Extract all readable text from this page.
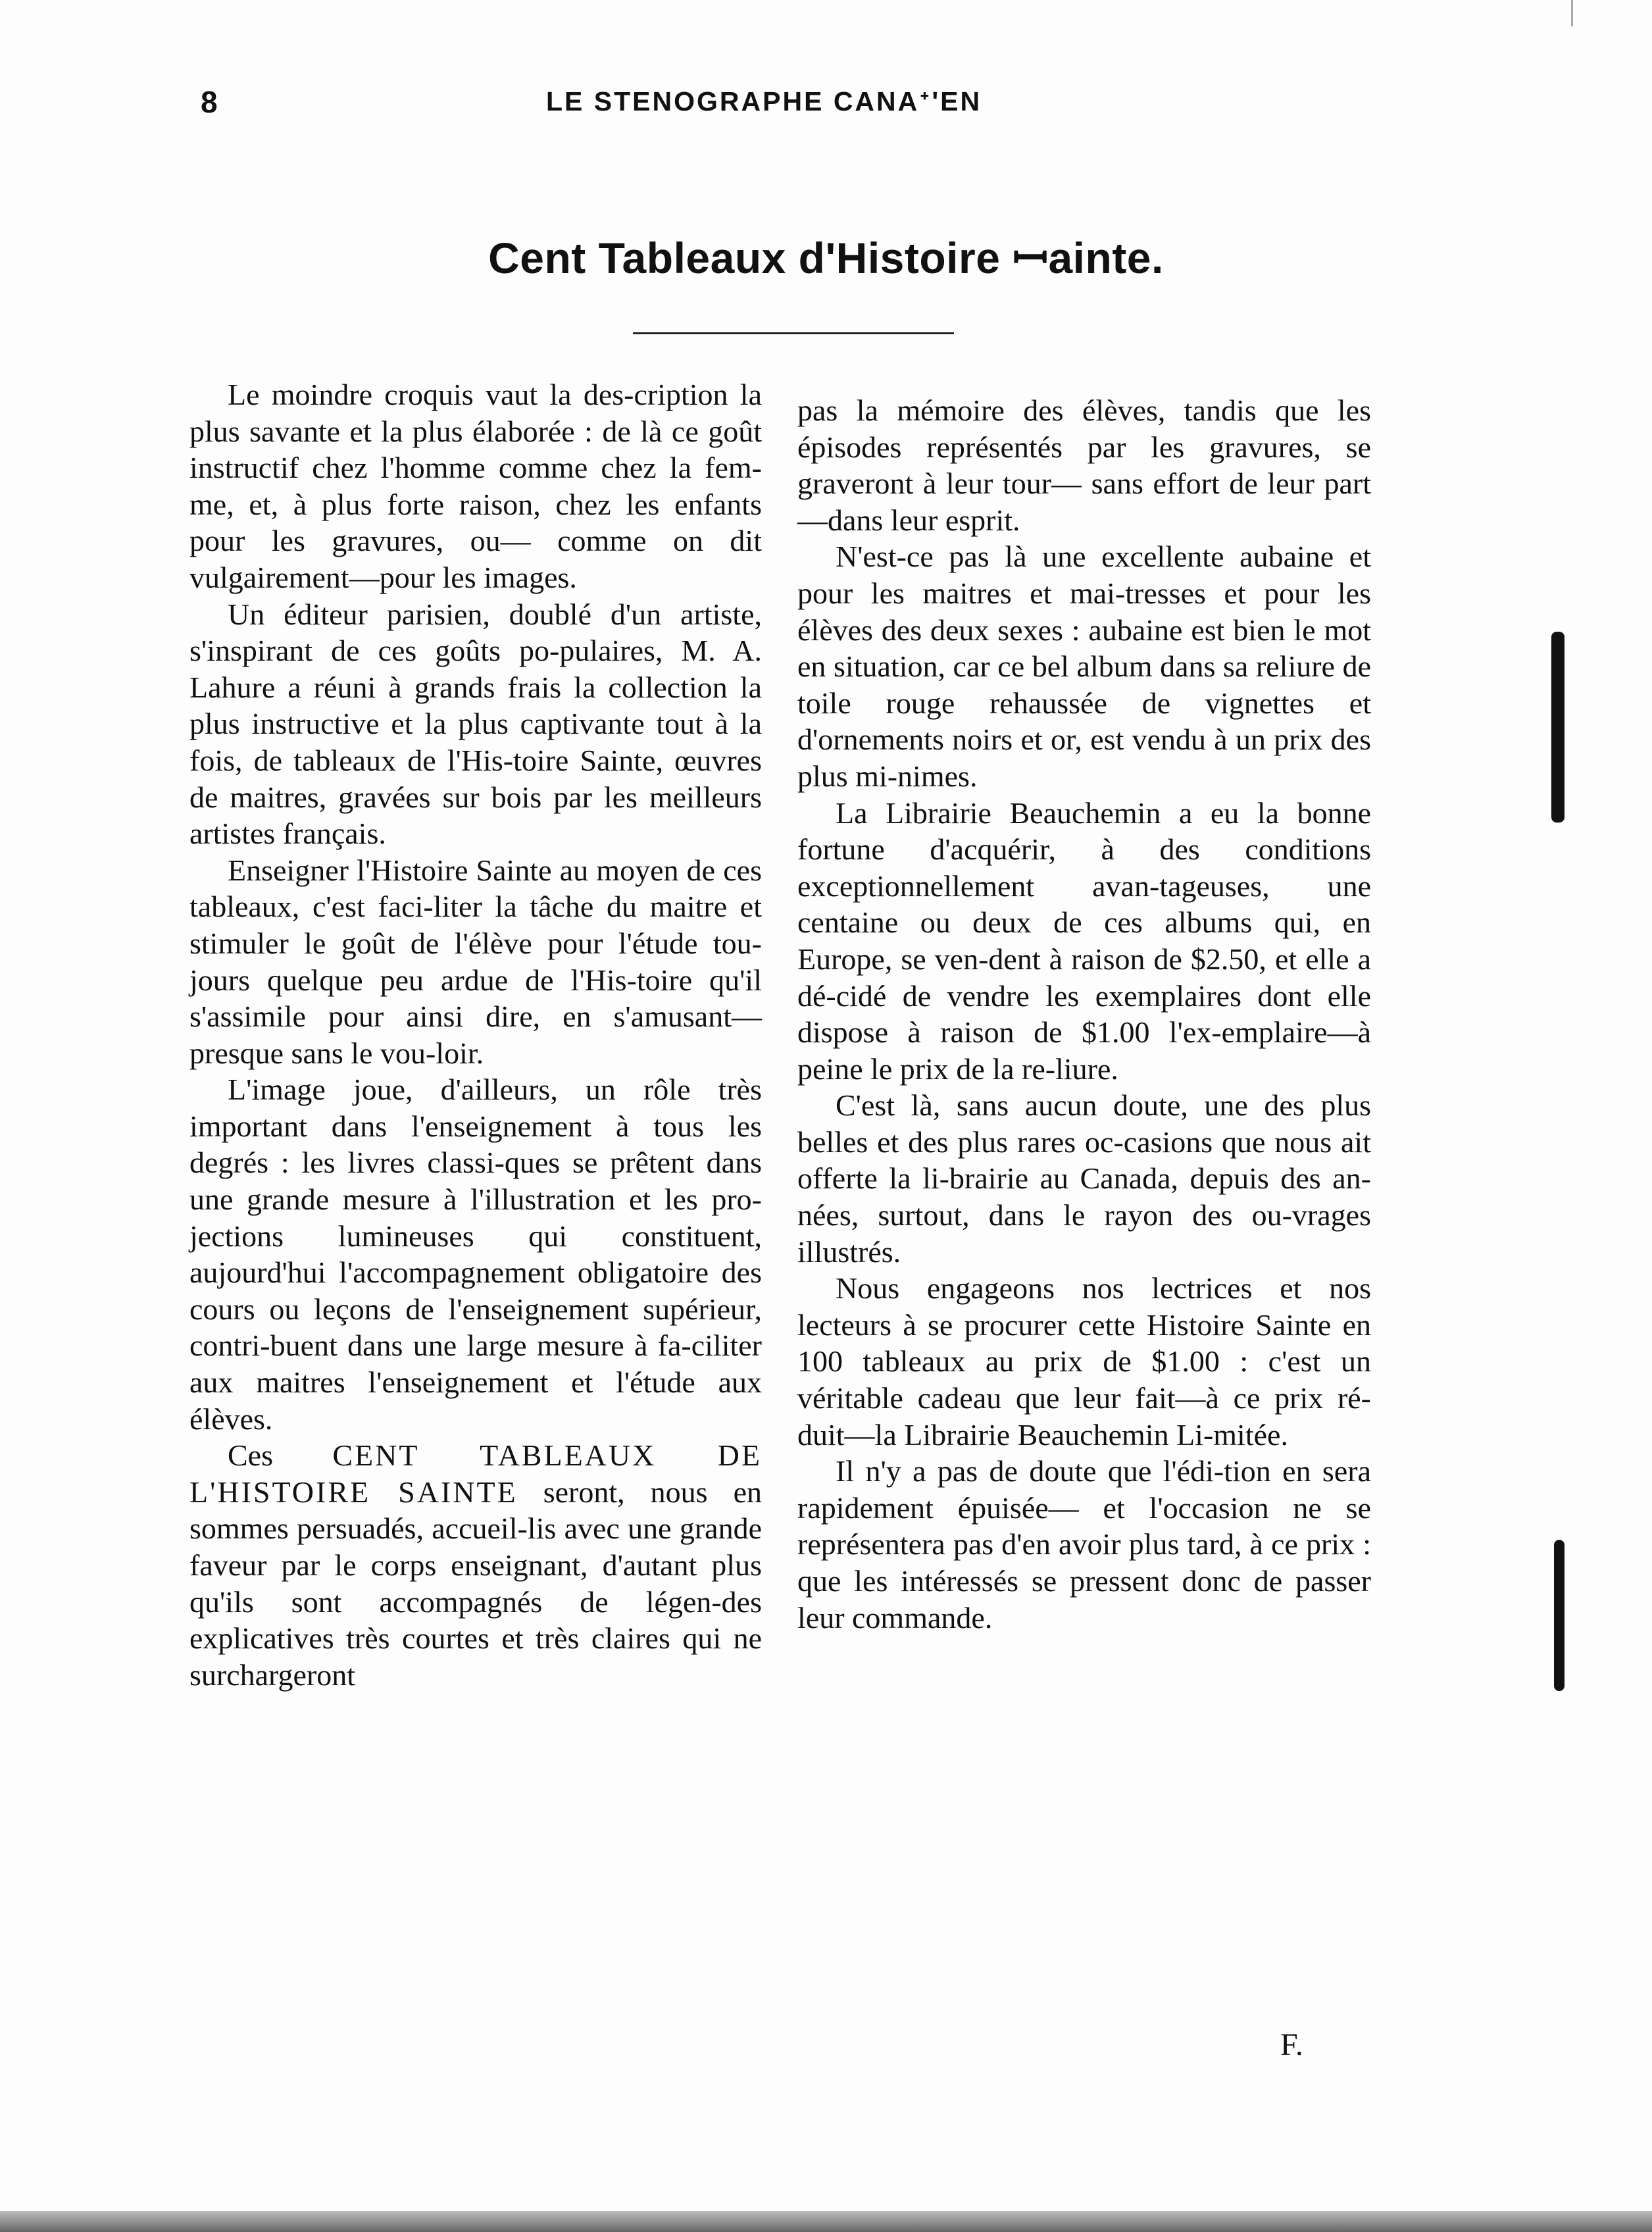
8	LE STENOGRAPHE CANAᐩ'EN
Cent Tableaux d'Histoire ꟷainte.

Le moindre croquis vaut la des-cription la plus savante et la plus élaborée : de là ce goût instructif chez l'homme comme chez la fem-me, et, à plus forte raison, chez les enfants pour les gravures, ou— comme on dit vulgairement—pour les images.

Un éditeur parisien, doublé d'un artiste, s'inspirant de ces goûts po-pulaires, M. A. Lahure a réuni à grands frais la collection la plus instructive et la plus captivante tout à la fois, de tableaux de l'His-toire Sainte, œuvres de maitres, gravées sur bois par les meilleurs artistes français.

Enseigner l'Histoire Sainte au moyen de ces tableaux, c'est faci-liter la tâche du maitre et stimuler le goût de l'élève pour l'étude tou-jours quelque peu ardue de l'His-toire qu'il s'assimile pour ainsi dire, en s'amusant—presque sans le vou-loir.

L'image joue, d'ailleurs, un rôle très important dans l'enseignement à tous les degrés : les livres classi-ques se prêtent dans une grande mesure à l'illustration et les pro-jections lumineuses qui constituent, aujourd'hui l'accompagnement obligatoire des cours ou leçons de l'enseignement supérieur, contri-buent dans une large mesure à fa-ciliter aux maitres l'enseignement et l'étude aux élèves.

Ces CENT TABLEAUX DE L'HISTOIRE SAINTE seront, nous en sommes persuadés, accueil-lis avec une grande faveur par le corps enseignant, d'autant plus qu'ils sont accompagnés de légen-des explicatives très courtes et très claires qui ne surchargeront

pas la mémoire des élèves, tandis que les épisodes représentés par les gravures, se graveront à leur tour— sans effort de leur part—dans leur esprit.

N'est-ce pas là une excellente aubaine et pour les maitres et mai-tresses et pour les élèves des deux sexes : aubaine est bien le mot en situation, car ce bel album dans sa reliure de toile rouge rehaussée de vignettes et d'ornements noirs et or, est vendu à un prix des plus mi-nimes.

La Librairie Beauchemin a eu la bonne fortune d'acquérir, à des conditions exceptionnellement avan-tageuses, une centaine ou deux de ces albums qui, en Europe, se ven-dent à raison de $2.50, et elle a dé-cidé de vendre les exemplaires dont elle dispose à raison de $1.00 l'ex-emplaire—à peine le prix de la re-liure.

C'est là, sans aucun doute, une des plus belles et des plus rares oc-casions que nous ait offerte la li-brairie au Canada, depuis des an-nées, surtout, dans le rayon des ou-vrages illustrés.

Nous engageons nos lectrices et nos lecteurs à se procurer cette Histoire Sainte en 100 tableaux au prix de $1.00 : c'est un véritable cadeau que leur fait—à ce prix ré-duit—la Librairie Beauchemin Li-mitée.

Il n'y a pas de doute que l'édi-tion en sera rapidement épuisée— et l'occasion ne se représentera pas d'en avoir plus tard, à ce prix : que les intéressés se pressent donc de passer leur commande.

F.
